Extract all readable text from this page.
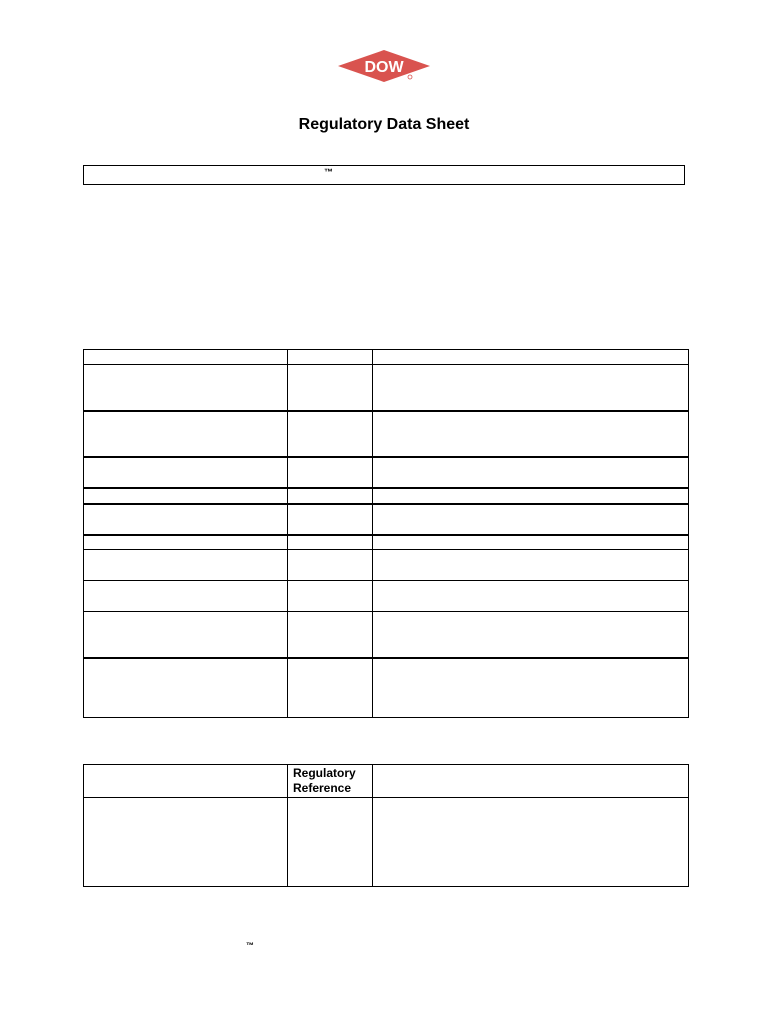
DOW
Regulatory Data Sheet
™

	Regulatory Reference	

™
